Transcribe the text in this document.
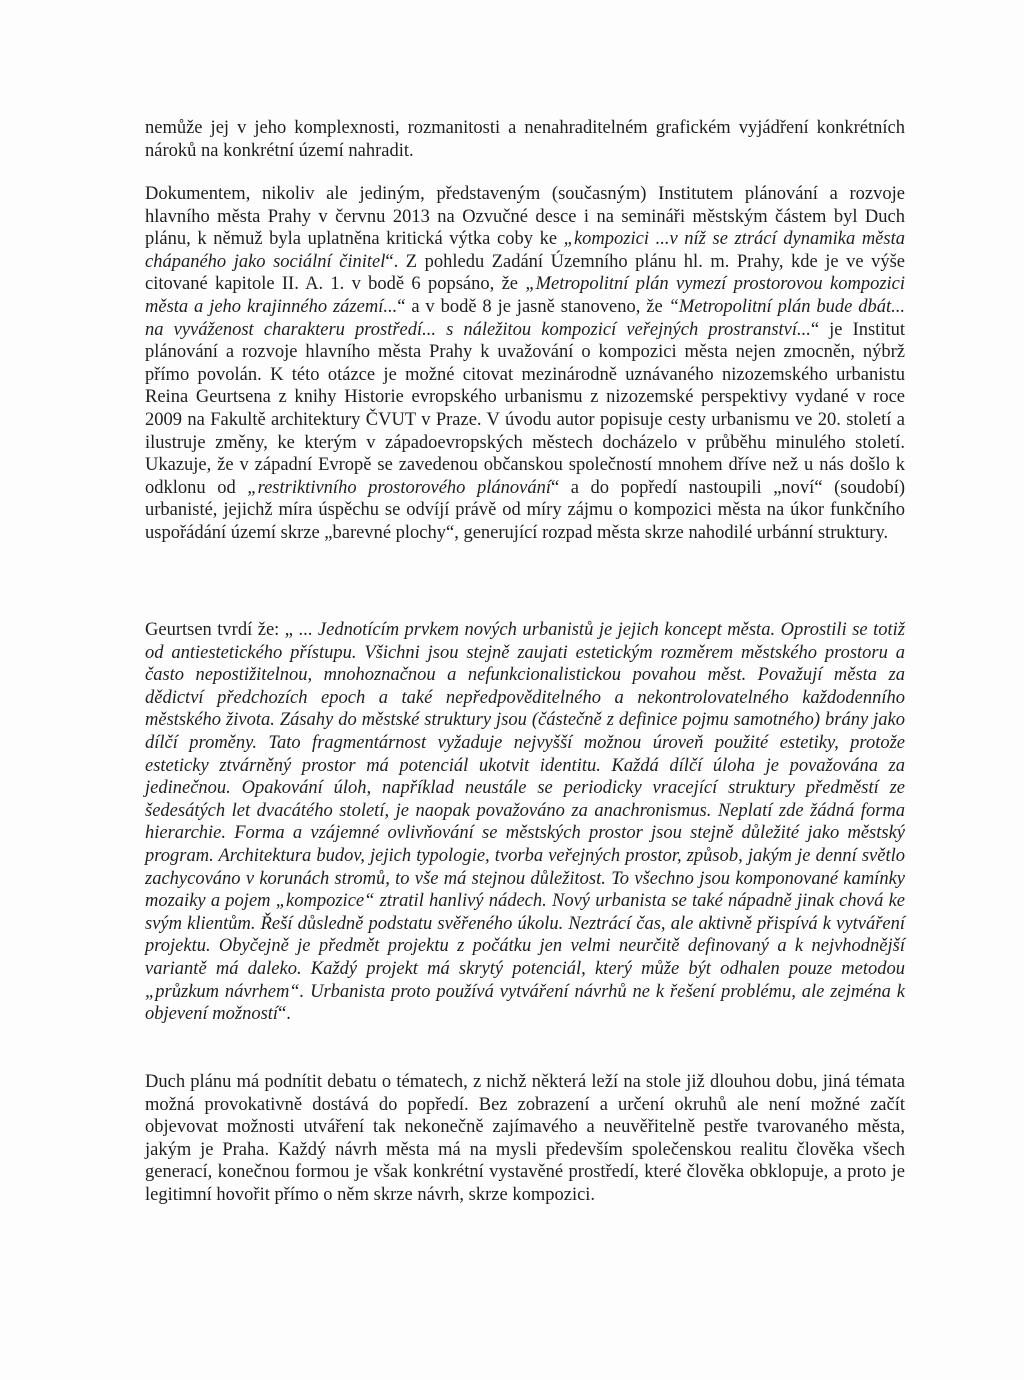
nemůže jej v jeho komplexnosti, rozmanitosti a nenahraditelném grafickém vyjádření konkrétních nároků na konkrétní území nahradit.

Dokumentem, nikoliv ale jediným, představeným (současným) Institutem plánování a rozvoje hlavního města Prahy v červnu 2013 na Ozvučné desce i na semináři městským částem byl Duch plánu, k němuž byla uplatněna kritická výtka coby ke „kompozici ...v níž se ztrácí dynamika města chápaného jako sociální činitel“. Z pohledu Zadání Územního plánu hl. m. Prahy, kde je ve výše citované kapitole II. A. 1. v bodě 6 popsáno, že „Metropolitní plán vymezí prostorovou kompozici města a jeho krajinného zázemí...“ a v bodě 8 je jasně stanoveno, že “Metropolitní plán bude dbát... na vyváženost charakteru prostředí... s náležitou kompozicí veřejných prostranství...“ je Institut plánování a rozvoje hlavního města Prahy k uvažování o kompozici města nejen zmocněn, nýbrž přímo povolán. K této otázce je možné citovat mezinárodně uznávaného nizozemského urbanistu Reina Geurtsena z knihy Historie evropského urbanismu z nizozemské perspektivy vydané v roce 2009 na Fakultě architektury ČVUT v Praze. V úvodu autor popisuje cesty urbanismu ve 20. století a ilustruje změny, ke kterým v západoevropských městech docházelo v průběhu minulého století. Ukazuje, že v západní Evropě se zavedenou občanskou společností mnohem dříve než u nás došlo k odklonu od „restriktivního prostorového plánování“ a do popředí nastoupili „noví“ (soudobí) urbanisté, jejichž míra úspěchu se odvíjí právě od míry zájmu o kompozici města na úkor funkčního uspořádání území skrze „barevné plochy“, generující rozpad města skrze nahodilé urbánní struktury.

Geurtsen tvrdí že: „ ... Jednotícím prvkem nových urbanistů je jejich koncept města. Oprostili se totiž od antiestetického přístupu. Všichni jsou stejně zaujati estetickým rozměrem městského prostoru a často nepostižitelnou, mnohoznačnou a nefunkcionalistickou povahou měst. Považují města za dědictví předchozích epoch a také nepředpověditelného a nekontrolovatelného každodenního městského života. Zásahy do městské struktury jsou (částečně z definice pojmu samotného) brány jako dílčí proměny. Tato fragmentárnost vyžaduje nejvyšší možnou úroveň použité estetiky, protože esteticky ztvárněný prostor má potenciál ukotvit identitu. Každá dílčí úloha je považována za jedinečnou. Opakování úloh, například neustále se periodicky vracející struktury předměstí ze šedesátých let dvacátého století, je naopak považováno za anachronismus. Neplatí zde žádná forma hierarchie. Forma a vzájemné ovlivňování se městských prostor jsou stejně důležité jako městský program. Architektura budov, jejich typologie, tvorba veřejných prostor, způsob, jakým je denní světlo zachycováno v korunách stromů, to vše má stejnou důležitost. To všechno jsou komponované kamínky mozaiky a pojem „kompozice“ ztratil hanlivý nádech. Nový urbanista se také nápadně jinak chová ke svým klientům. Řeší důsledně podstatu svěřeného úkolu. Neztrácí čas, ale aktivně přispívá k vytváření projektu. Obyčejně je předmět projektu z počátku jen velmi neurčitě definovaný a k nejvhodnější variantě má daleko. Každý projekt má skrytý potenciál, který může být odhalen pouze metodou „průzkum návrhem“. Urbanista proto používá vytváření návrhů ne k řešení problému, ale zejména k objevení možností“.

Duch plánu má podnítit debatu o tématech, z nichž některá leží na stole již dlouhou dobu, jiná témata možná provokativně dostává do popředí. Bez zobrazení a určení okruhů ale není možné začít objevovat možnosti utváření tak nekonečně zajímavého a neuvěřitelně pestře tvarovaného města, jakým je Praha. Každý návrh města má na mysli především společenskou realitu člověka všech generací, konečnou formou je však konkrétní vystavěné prostředí, které člověka obklopuje, a proto je legitimní hovořit přímo o něm skrze návrh, skrze kompozici.
